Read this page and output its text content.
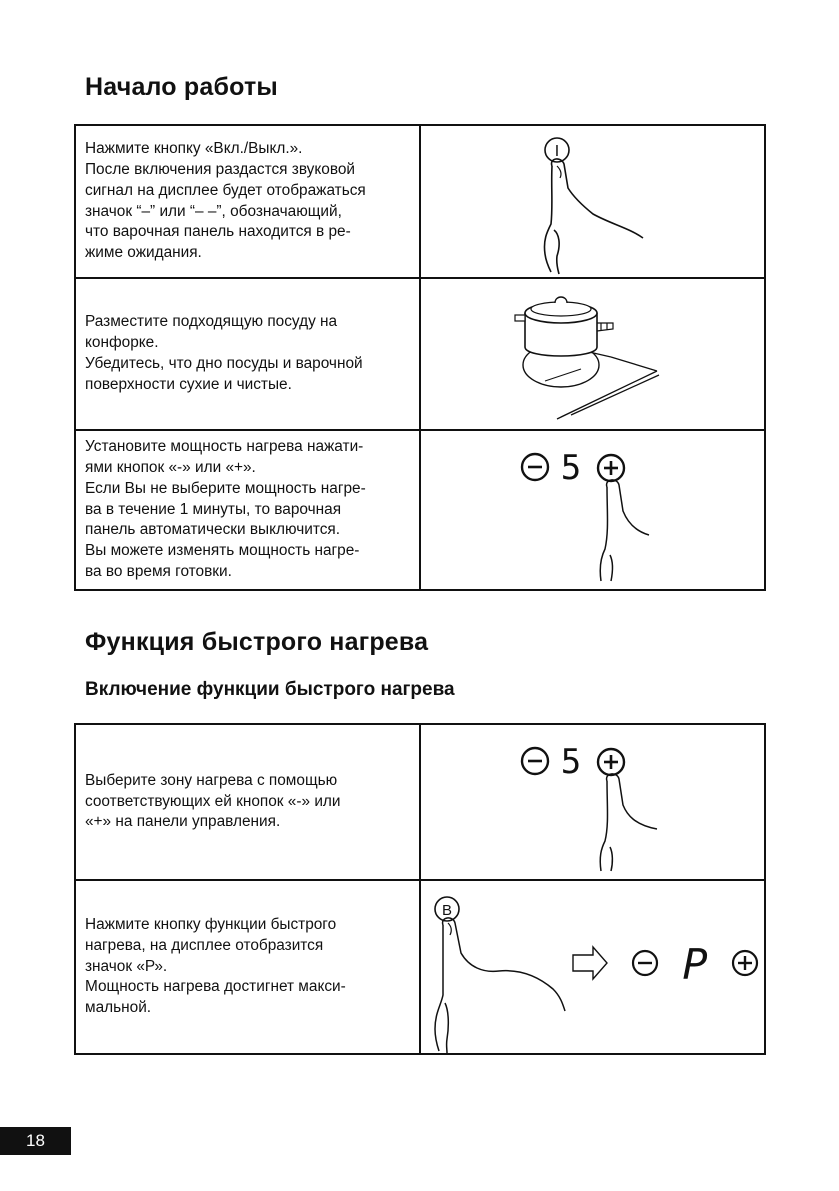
Начало работы

Нажмите кнопку «Вкл./Выкл.».

После включения раздастся звуковой

сигнал на дисплее будет отображаться

значок “–” или “– –”, обозначающий,

что варочная панель находится в ре-

жиме ожидания.

I

Разместите подходящую посуду на

конфорке.

Убедитесь, что дно посуды и варочной

поверхности сухие и чистые.

Установите мощность нагрева нажати-

ями кнопок «-» или «+».

Если Вы не выберите мощность нагре-

ва в течение 1 минуты, то варочная

панель автоматически выключится.

Вы можете изменять мощность нагре-

ва во время готовки.

5
Функция быстрого нагрева
Включение функции быстрого нагрева

Выберите зону нагрева с помощью

соответствующих ей кнопок «-» или

«+» на панели управления.

5

Нажмите кнопку функции быстрого

нагрева, на дисплее отобразится

значок «Р».

Мощность нагрева достигнет макси-

мальной.

B
P
18
